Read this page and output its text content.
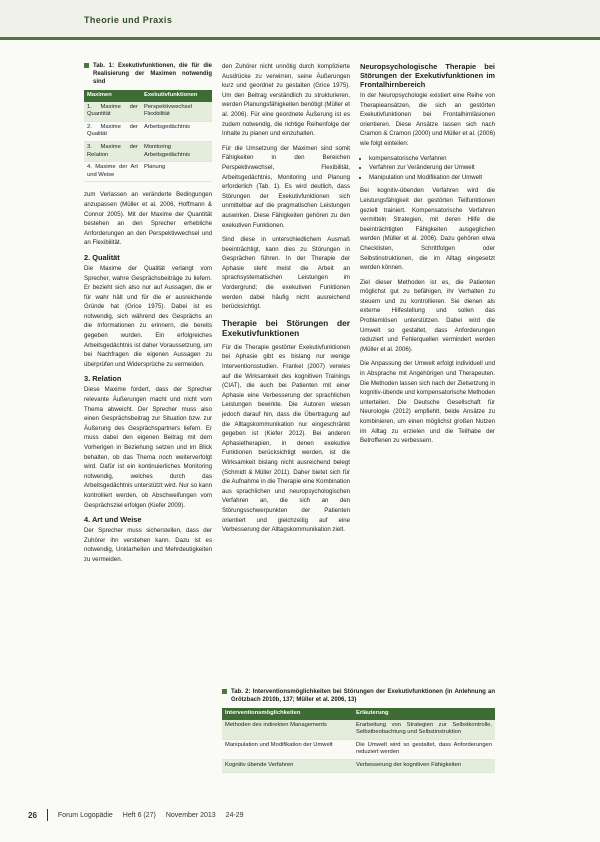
Theorie und Praxis
Tab. 1: Exekutivfunktionen, die für die Realisierung der Maximen notwendig sind
Maximen	Exekutivfunktionen
1. Maxime der Quantität	Perspektivwechsel Flexibilität
2. Maxime der Qualität	Arbeitsgedächtnis
3. Maxime der Relation	Monitoring Arbeitsgedächtnis
4. Maxime der Art und Weise	Planung

zum Verlassen an veränderte Bedingungen anzupassen (Müller et al. 2006, Hoffmann & Connor 2005). Mit der Maxime der Quantität bestehen an den Sprecher erhebliche Anforderungen an den Perspektivwechsel und an Flexibilität.

2. Qualität

Die Maxime der Qualität verlangt vom Sprecher, wahre Gesprächsbeiträge zu liefern. Er bezieht sich also nur auf Aussagen, die er für wahr hält und für die er ausreichende Gründe hat (Grice 1975). Dabei ist es notwendig, sich während des Gesprächs an die Informationen zu erinnern, die bereits gegeben wurden. Ein erfolgreiches Arbeitsgedächtnis ist daher Voraussetzung, um bei Nachfragen die eigenen Aussagen zu überprüfen und Widersprüche zu vermeiden.

3. Relation

Diese Maxime fordert, dass der Sprecher relevante Äußerungen macht und nicht vom Thema abweicht. Der Sprecher muss also einen Gesprächsbeitrag zur Situation bzw. zur Äußerung des Gesprächspartners liefern. Er muss dabei den eigenen Beitrag mit dem Vorherigen in Beziehung setzen und im Blick behalten, ob das Thema noch weiterverfolgt wird. Dafür ist ein kontinuierliches Monitoring notwendig, welches durch das Arbeitsgedächtnis unterstützt wird. Nur so kann kontrolliert werden, ob Abschweifungen vom Gesprächsziel erfolgen (Kiefer 2009).

4. Art und Weise

Der Sprecher muss sicherstellen, dass der Zuhörer ihn verstehen kann. Dazu ist es notwendig, Unklarheiten und Mehrdeutigkeiten zu vermeiden.

den Zuhörer nicht unnötig durch komplizierte Ausdrücke zu verwirren, seine Äußerungen kurz und geordnet zu gestalten (Grice 1975). Um den Beitrag verständlich zu strukturieren, werden Planungsfähigkeiten benötigt (Müller et al. 2006). Für eine geordnete Äußerung ist es zudem notwendig, die richtige Reihenfolge der Inhalte zu planen und einzuhalten.

Für die Umsetzung der Maximen sind somit Fähigkeiten in den Bereichen Perspektivwechsel, Flexibilität, Arbeitsgedächtnis, Monitoring und Planung erforderlich (Tab. 1). Es wird deutlich, dass Störungen der Exekutivfunktionen sich unmittelbar auf die pragmatischen Leistungen auswirken. Diese Fähigkeiten gehören zu den exekutiven Funktionen.

Sind diese in unterschiedlichem Ausmaß beeinträchtigt, kann dies zu Störungen in Gesprächen führen. In der Therapie der Aphasie steht meist die Arbeit an sprachsystematischen Leistungen im Vordergrund; die exekutiven Funktionen werden dabei häufig nicht ausreichend berücksichtigt.

Therapie bei Störungen der Exekutivfunktionen

Für die Therapie gestörter Exekutivfunktionen bei Aphasie gibt es bislang nur wenige Interventionsstudien. Frankel (2007) verwies auf die Wirksamkeit des kognitiven Trainings (CIAT), die auch bei Patienten mit einer Aphasie eine Verbesserung der sprachlichen Leistungen bewirkte. Die Autoren wiesen jedoch darauf hin, dass die Übertragung auf die Alltagskommunikation nur eingeschränkt gegeben ist (Kiefer 2012). Bei anderen Aphasietherapien, in denen exekutive Funktionen berücksichtigt werden, ist die Wirksamkeit bislang nicht ausreichend belegt (Schmidt & Müller 2011). Daher bietet sich für die Aufnahme in die Therapie eine Kombination aus sprachlichen und neuropsychologischen Verfahren an, die sich an den Störungsschwerpunkten der Patienten orientiert und gleichzeitig auf eine Verbesserung der Alltagskommunikation zielt.

Neuropsychologische Therapie bei Störungen der Exekutivfunktionen im Frontalhirnbereich

In der Neuropsychologie existiert eine Reihe von Therapieansätzen, die sich an gestörten Exekutivfunktionen bei Frontalhirnläsionen orientieren. Diese Ansätze lassen sich nach Cramon & Cramon (2000) und Müller et al. (2006) wie folgt einteilen:

• kompensatorische Verfahren
• Verfahren zur Veränderung der Umwelt
• Manipulation und Modifikation der Umwelt

Bei kognitiv-übenden Verfahren wird die Leistungsfähigkeit der gestörten Teilfunktionen gezielt trainiert. Kompensatorische Verfahren vermitteln Strategien, mit deren Hilfe die beeinträchtigten Fähigkeiten ausgeglichen werden (Müller et al. 2006). Dazu gehören etwa Checklisten, Schrittfolgen oder Selbstinstruktionen, die im Alltag eingesetzt werden können.

Ziel dieser Methoden ist es, die Patienten möglichst gut zu befähigen, ihr Verhalten zu steuern und zu kontrollieren. Sie dienen als externe Hilfestellung und sollen das Problemlösen unterstützen. Dabei wird die Umwelt so gestaltet, dass Anforderungen reduziert und Fehlerquellen vermindert werden (Müller et al. 2006).

Die Anpassung der Umwelt erfolgt individuell und in Absprache mit Angehörigen und Therapeuten. Die Methoden lassen sich nach der Zielsetzung in kognitiv-übende und kompensatorische Methoden unterteilen. Die Deutsche Gesellschaft für Neurologie (2012) empfiehlt, beide Ansätze zu kombinieren, um einen möglichst großen Nutzen im Alltag zu erzielen und die Teilhabe der Betroffenen zu verbessern.

Tab. 2: Interventionsmöglichkeiten bei Störungen der Exekutivfunktionen (in Anlehnung an Grötzbach 2010b, 137; Müller et al. 2006, 13)
Interventionsmöglichkeiten	Erläuterung
Methoden des indirekten Managements	Erarbeitung von Strategien zur Selbstkontrolle, Selbstbeobachtung und Selbstinstruktion
Manipulation und Modifikation der Umwelt	Die Umwelt wird so gestaltet, dass Anforderungen reduziert werden
Kognitiv übende Verfahren	Verbesserung der kognitiven Fähigkeiten
26	Forum Logopädie Heft 6 (27) November 2013 24-29
